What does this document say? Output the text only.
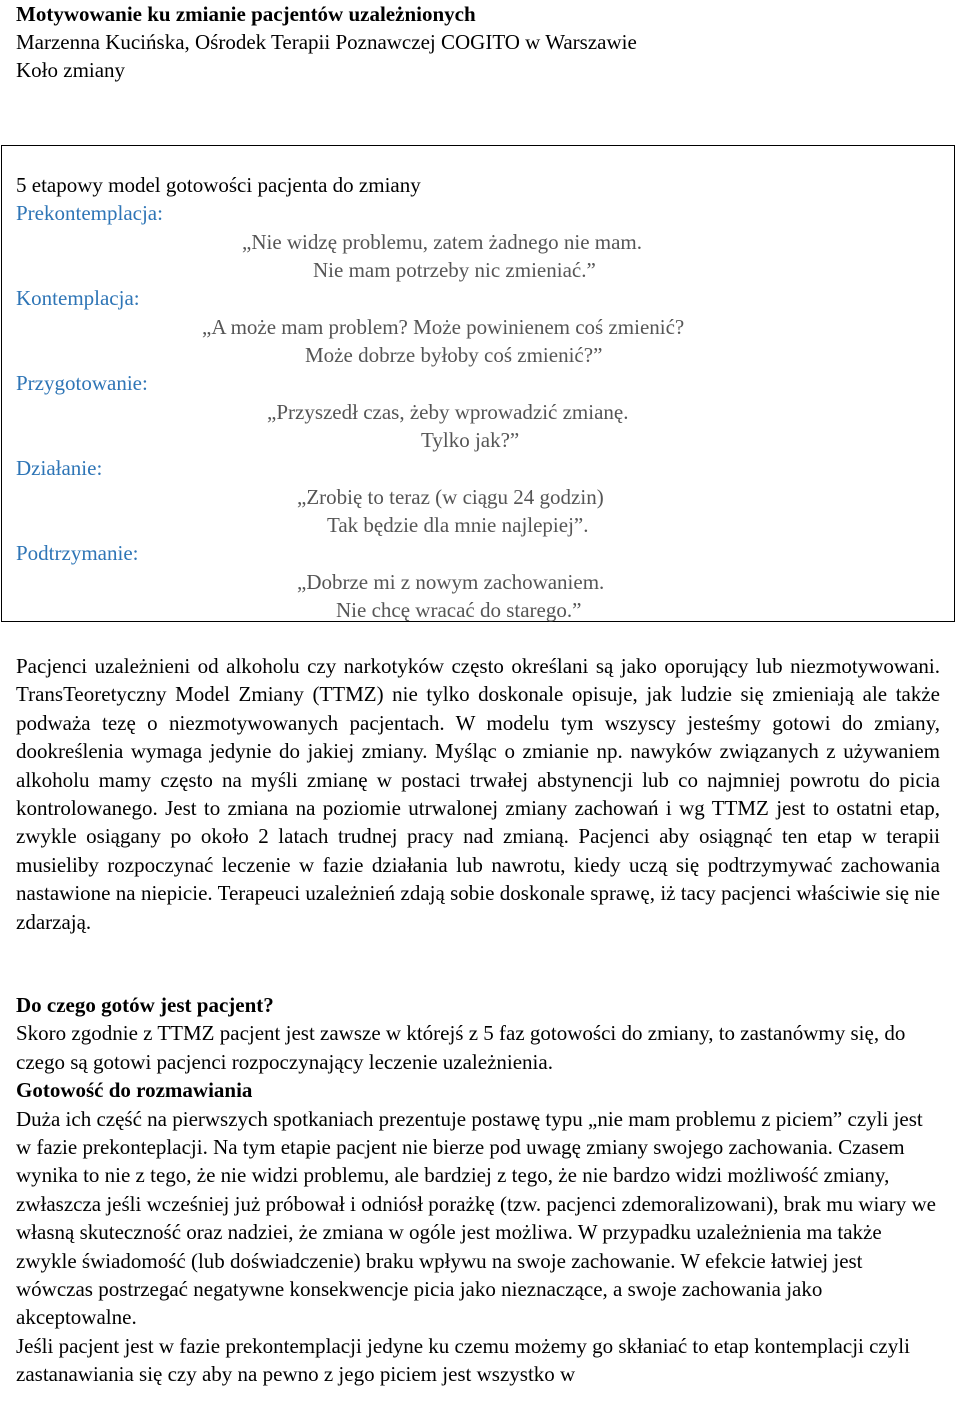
Motywowanie ku zmianie pacjentów uzależnionych
Marzenna Kucińska, Ośrodek Terapii Poznawczej COGITO w Warszawie
Koło zmiany
5 etapowy model gotowości pacjenta do zmiany
Prekontemplacja:
„Nie widzę problemu, zatem żadnego nie mam.
Nie mam potrzeby nic zmieniać.”
Kontemplacja:
„A może mam problem? Może powinienem coś zmienić?
Może dobrze byłoby coś zmienić?”
Przygotowanie:
„Przyszedł czas, żeby wprowadzić zmianę.
Tylko jak?”
Działanie:
„Zrobię to teraz (w ciągu 24 godzin)
Tak będzie dla mnie najlepiej”.
Podtrzymanie:
„Dobrze mi z nowym zachowaniem.
Nie chcę wracać do starego.”

Pacjenci uzależnieni od alkoholu czy narkotyków często określani są jako oporujący lub niezmotywowani. TransTeoretyczny Model Zmiany (TTMZ) nie tylko doskonale opisuje, jak ludzie się zmieniają ale także podważa tezę o niezmotywowanych pacjentach. W modelu tym wszyscy jesteśmy gotowi do zmiany, dookreślenia wymaga jedynie do jakiej zmiany. Myśląc o zmianie np. nawyków związanych z używaniem alkoholu mamy często na myśli zmianę w postaci trwałej abstynencji lub co najmniej powrotu do picia kontrolowanego. Jest to zmiana na poziomie utrwalonej zmiany zachowań i wg TTMZ jest to ostatni etap, zwykle osiągany po około 2 latach trudnej pracy nad zmianą. Pacjenci aby osiągnąć ten etap w terapii musieliby rozpoczynać leczenie w fazie działania lub nawrotu, kiedy uczą się podtrzymywać zachowania nastawione na niepicie. Terapeuci uzależnień zdają sobie doskonale sprawę, iż tacy pacjenci właściwie się nie zdarzają.

Do czego gotów jest pacjent?

Skoro zgodnie z TTMZ pacjent jest zawsze w którejś z 5 faz gotowości do zmiany, to zastanówmy się, do czego są gotowi pacjenci rozpoczynający leczenie uzależnienia.

Gotowość do rozmawiania

Duża ich część na pierwszych spotkaniach prezentuje postawę typu „nie mam problemu z piciem” czyli jest w fazie prekonteplacji. Na tym etapie pacjent nie bierze pod uwagę zmiany swojego zachowania. Czasem wynika to nie z tego, że nie widzi problemu, ale bardziej z tego, że nie bardzo widzi możliwość zmiany, zwłaszcza jeśli wcześniej już próbował i odniósł porażkę (tzw. pacjenci zdemoralizowani), brak mu wiary we własną skuteczność oraz nadziei, że zmiana w ogóle jest możliwa. W przypadku uzależnienia ma także zwykle świadomość (lub doświadczenie) braku wpływu na swoje zachowanie. W efekcie łatwiej jest wówczas postrzegać negatywne konsekwencje picia jako nieznaczące, a swoje zachowania jako akceptowalne.

Jeśli pacjent jest w fazie prekontemplacji jedyne ku czemu możemy go skłaniać to etap kontemplacji czyli zastanawiania się czy aby na pewno z jego piciem jest wszystko w
